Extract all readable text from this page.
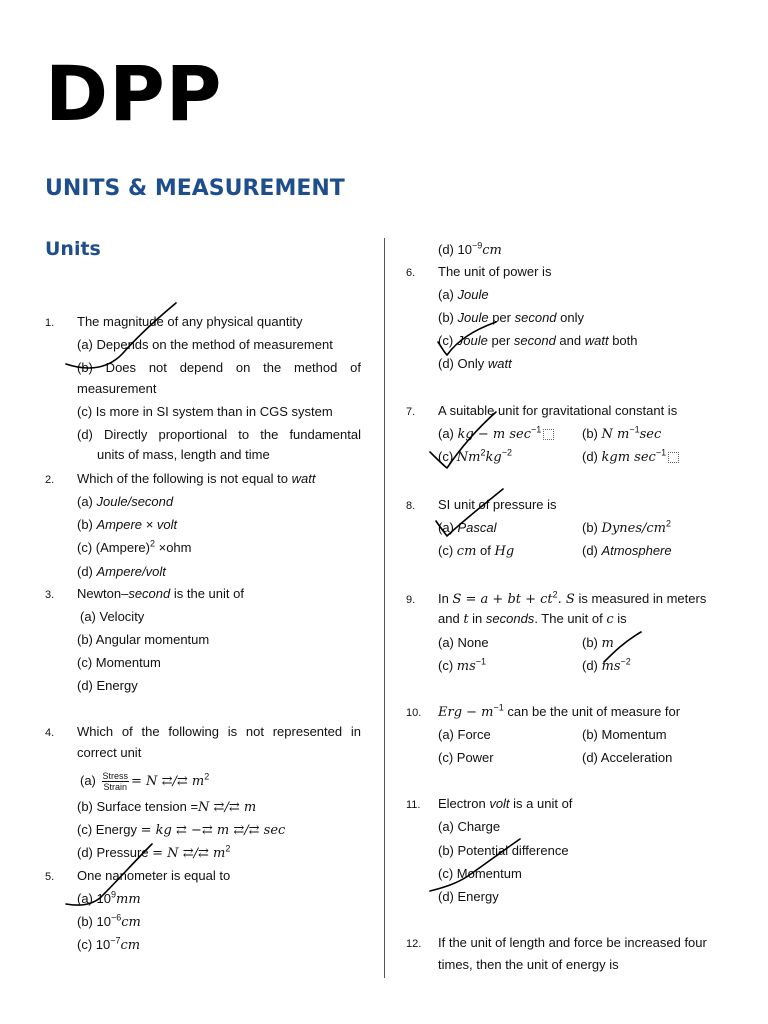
DPP
UNITS & MEASUREMENT
Units
1. The magnitude of any physical quantity
(a) Depends on the method of measurement
(b) Does not depend on the method of
measurement
(c) Is more in SI system than in CGS system
(d) Directly proportional to the fundamental
units of mass, length and time
2. Which of the following is not equal to watt
(a) Joule/second
(b) Ampere × volt
(c) (Ampere)$^2$ ×ohm
(d) Ampere/volt
3. Newton–second is the unit of
(a) Velocity
(b) Angular momentum
(c) Momentum
(d) Energy
4. Which of the following is not represented in
correct unit
$(a) \frac{\text{Stress}}{\text{Strain}} = N$ ⇄/⇄ $m^2$
(b) Surface tension =N ⇄/⇄ m
(c) Energy = kg ⇄ −⇄ m ⇄/⇄ sec
(d) Pressure = N ⇄/⇄ $m^2$
5. One nanometer is equal to
(a) $10^9mm$
(b) $10^{-6}cm$
(c) $10^{-7}cm$
(d) $10^{-9}cm$
6. The unit of power is
(a) Joule
(b) Joule per second only
(c) Joule per second and watt both
(d) Only watt
7. A suitable unit for gravitational constant is
(a) kg − m $\sec^{-1}$	(b) N $m^{-1}\sec$
(c) $Nm^2kg^{-2}$	(d) kgm $\sec^{-1}$
8. SI unit of pressure is
(a) Pascal	(b) Dynes/$cm^2$
(c) cm of Hg	(d) Atmosphere
9. In S = a + bt + $ct^2$. S is measured in meters
and t in seconds. The unit of c is
(a) None	(b) m
(c) $ms^{-1}$	(d) $ms^{-2}$
10. Erg − $m^{-1}$ can be the unit of measure for
(a) Force	(b) Momentum
(c) Power	(d) Acceleration
11. Electron volt is a unit of
(a) Charge
(b) Potential difference
(c) Momentum
(d) Energy
12. If the unit of length and force be increased four
times, then the unit of energy is
